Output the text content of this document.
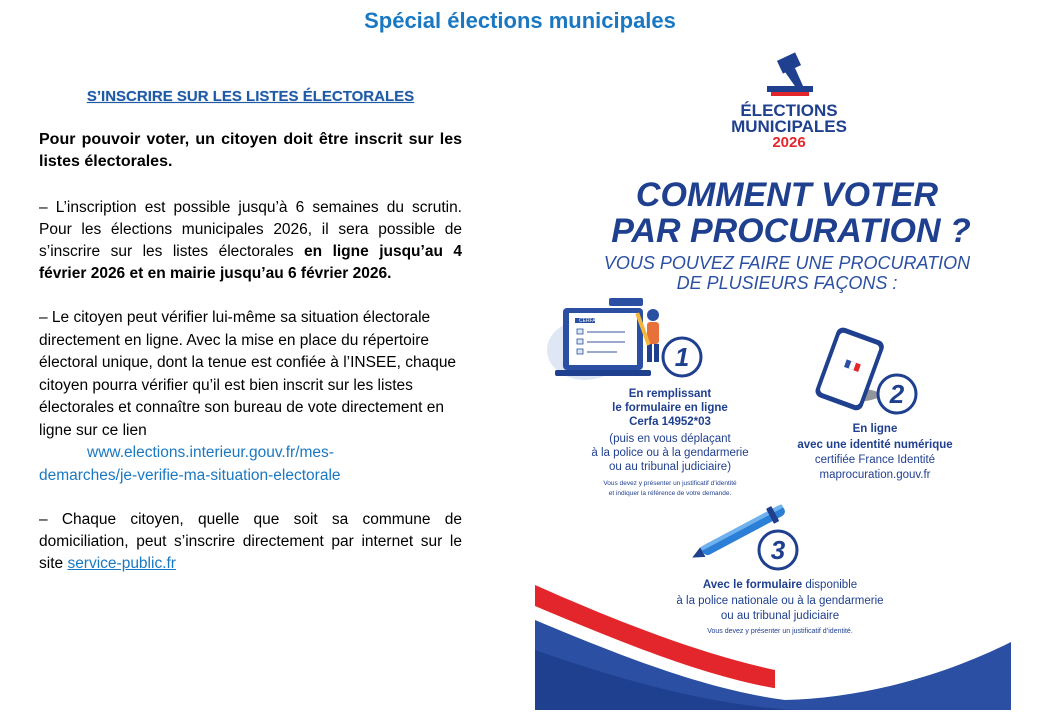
Spécial élections municipales
S’INSCRIRE SUR LES LISTES ÉLECTORALES

Pour pouvoir voter, un citoyen doit être inscrit sur les listes électorales.

– L’inscription est possible jusqu’à 6 semaines du scrutin. Pour les élections municipales 2026, il sera possible de s’inscrire sur les listes électorales en ligne jusqu’au 4 février 2026 et en mairie jusqu’au 6 février 2026.

– Le citoyen peut vérifier lui-même sa situation électorale directement en ligne. Avec la mise en place du répertoire électoral unique, dont la tenue est confiée à l’INSEE, chaque citoyen pourra vérifier qu’il est bien inscrit sur les listes électorales et connaître son bureau de vote directement en ligne sur ce lien
www.elections.interieur.gouv.fr/mes-
demarches/je-verifie-ma-situation-electorale

– Chaque citoyen, quelle que soit sa commune de domiciliation, peut s’inscrire directement par internet sur le site service-public.fr

ÉLECTIONS
MUNICIPALES
2026
COMMENT VOTER
PAR PROCURATION ?
VOUS POUVEZ FAIRE UNE PROCURATION
DE PLUSIEURS FAÇONS :
CERFA
1
En remplissant
le formulaire en ligne
Cerfa 14952*03
(puis en vous déplaçant
à la police ou à la gendarmerie
ou au tribunal judiciaire)
Vous devez y présenter un justificatif d’identité
et indiquer la référence de votre demande.
2
En ligne
avec une identité numérique
certifiée France Identité
maprocuration.gouv.fr
3
Avec le formulaire disponible
à la police nationale ou à la gendarmerie
ou au tribunal judiciaire
Vous devez y présenter un justificatif d’identité.
